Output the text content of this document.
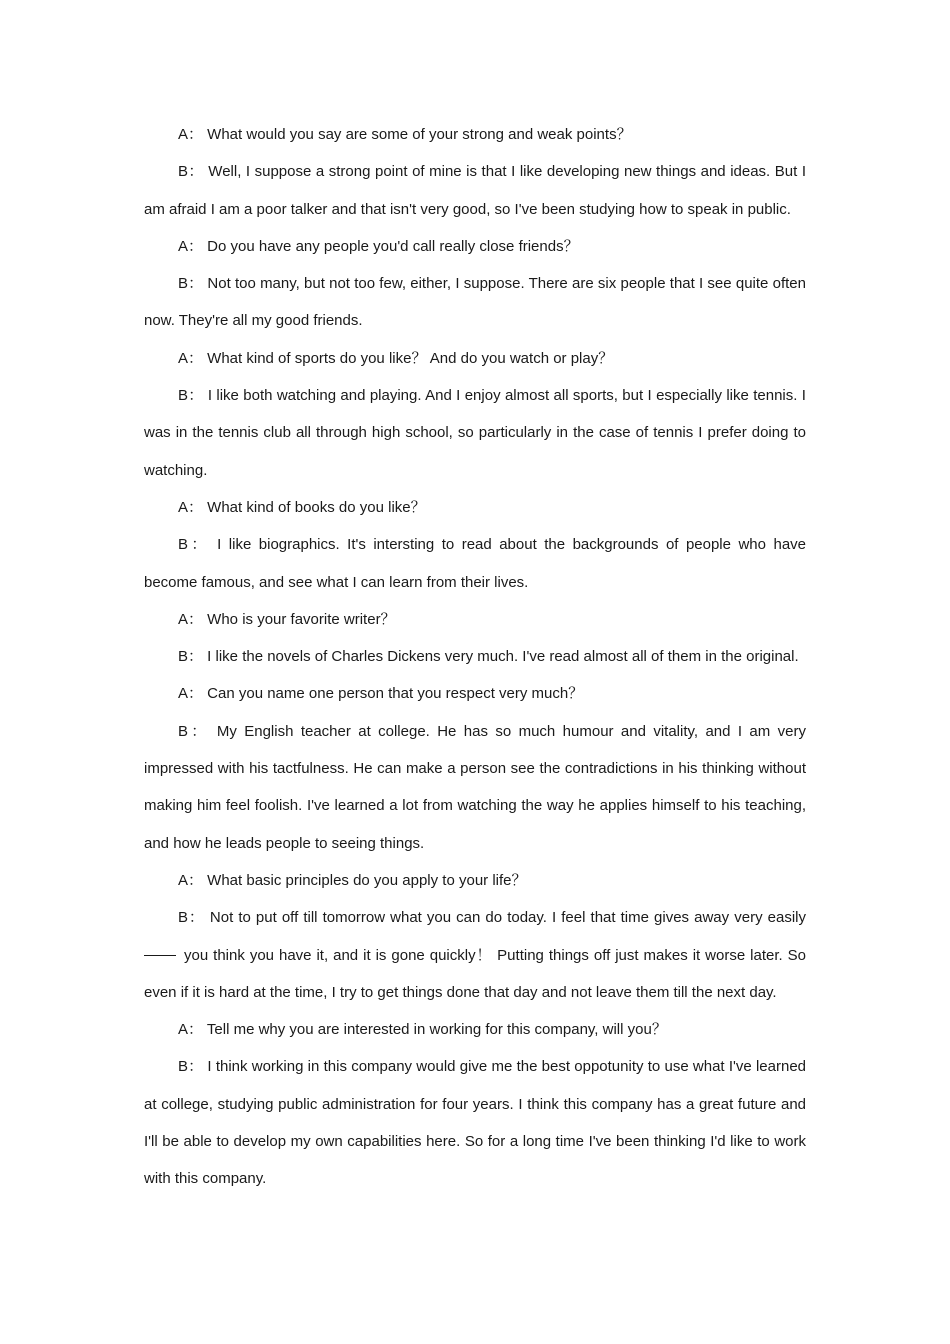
A： What would you say are some of your strong and weak points？

B： Well, I suppose a strong point of mine is that I like developing new things and ideas. But I am afraid I am a poor talker and that isn't very good, so I've been studying how to speak in public.

A： Do you have any people you'd call really close friends？

B： Not too many, but not too few, either, I suppose. There are six people that I see quite often now. They're all my good friends.

A： What kind of sports do you like？ And do you watch or play？

B： I like both watching and playing. And I enjoy almost all sports, but I especially like tennis. I was in the tennis club all through high school, so particularly in the case of tennis I prefer doing to watching.

A： What kind of books do you like？

B： I like biographics. It's intersting to read about the backgrounds of people who have become famous, and see what I can learn from their lives.

A： Who is your favorite writer？

B： I like the novels of Charles Dickens very much. I've read almost all of them in the original.

A： Can you name one person that you respect very much？

B： My English teacher at college. He has so much humour and vitality, and I am very impressed with his tactfulness. He can make a person see the contradictions in his thinking without making him feel foolish. I've learned a lot from watching the way he applies himself to his teaching, and how he leads people to seeing things.

A： What basic principles do you apply to your life？

B： Not to put off till tomorrow what you can do today. I feel that time gives away very easily you think you have it, and it is gone quickly！ Putting things off just makes it worse later. So even if it is hard at the time, I try to get things done that day and not leave them till the next day.

A： Tell me why you are interested in working for this company, will you？

B： I think working in this company would give me the best oppotunity to use what I've learned at college, studying public administration for four years. I think this company has a great future and I'll be able to develop my own capabilities here. So for a long time I've been thinking I'd like to work with this company.
